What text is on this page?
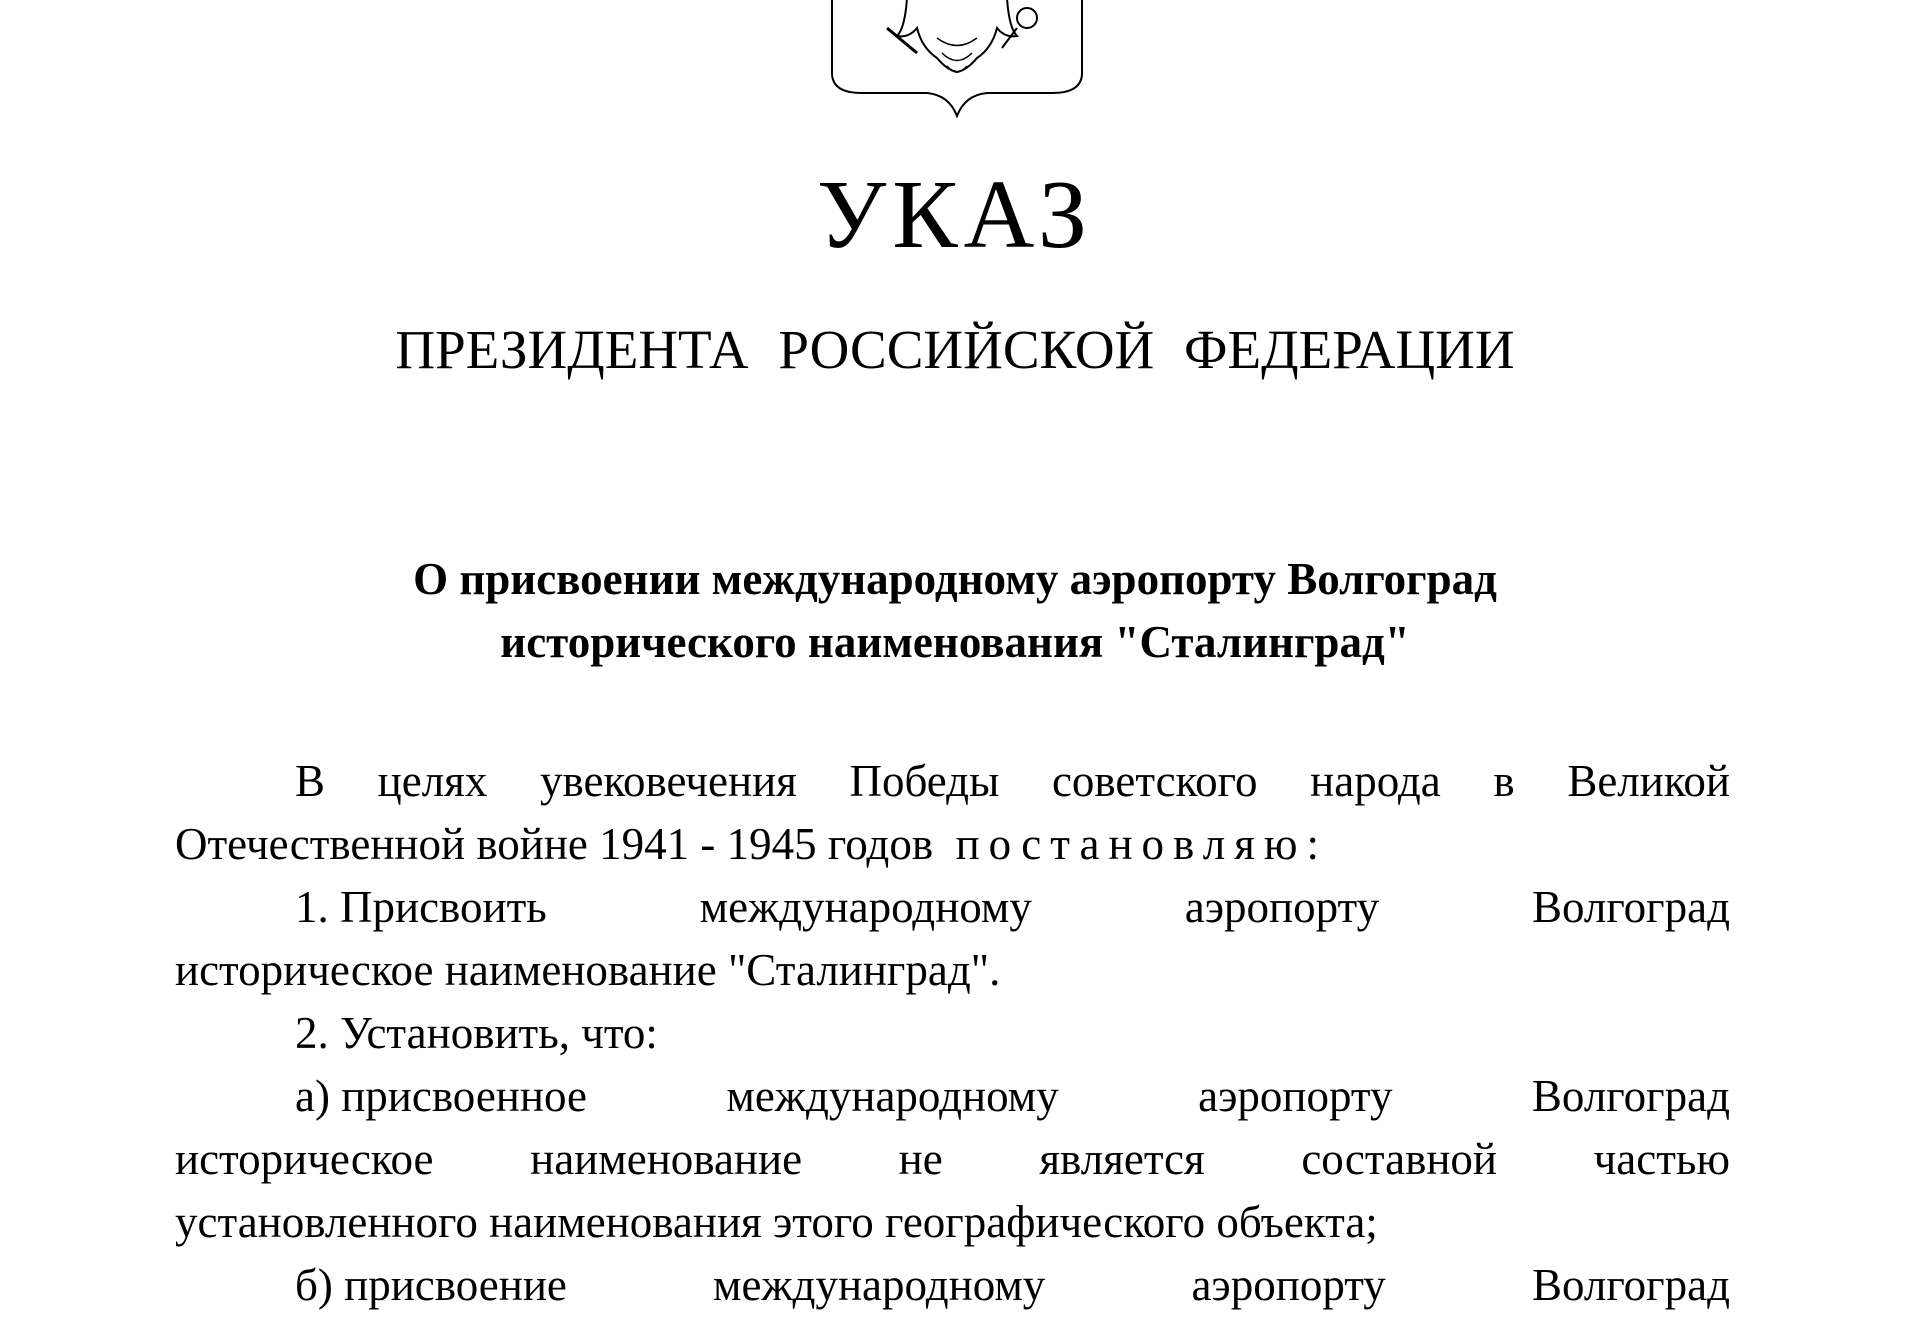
УКАЗ
ПРЕЗИДЕНТА РОССИЙСКОЙ ФЕДЕРАЦИИ
О присвоении международному аэропорту Волгоград
исторического наименования "Сталинград"
В целях увековечения Победы советского народа в Великой
Отечественной войне 1941 - 1945 годов постановляю:
1. Присвоить	международному	аэропорту	Волгоград
историческое наименование "Сталинград".
2. Установить, что:
а) присвоенное	международному	аэропорту	Волгоград
историческое наименование не является составной частью
установленного наименования этого географического объекта;
б) присвоение	международному	аэропорту	Волгоград
